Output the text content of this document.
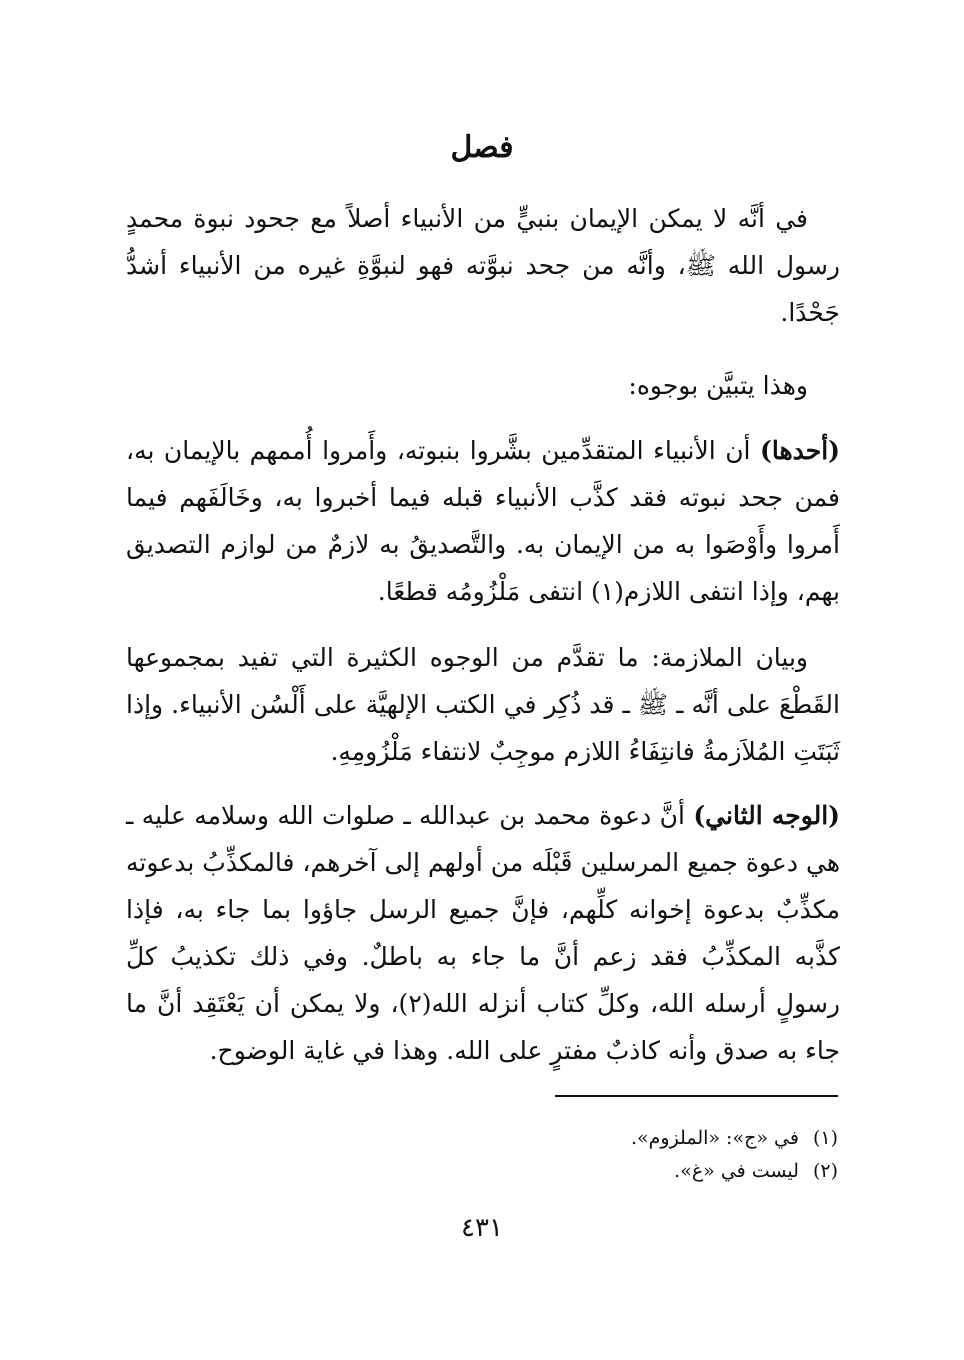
فصل
في أنَّه لا يمكن الإيمان بنبيٍّ من الأنبياء أصلاً مع جحود نبوة محمدٍ رسول الله ﷺ، وأنَّه من جحد نبوَّته فهو لنبوَّةِ غيره من الأنبياء أشدُّ جَحْدًا.
وهذا يتبيَّن بوجوه:
(أحدها) أن الأنبياء المتقدِّمين بشَّروا بنبوته، وأَمروا أُممهم بالإيمان به، فمن جحد نبوته فقد كذَّب الأنبياء قبله فيما أخبروا به، وخَالَفَهم فيما أَمروا وأَوْصَوا به من الإيمان به. والتَّصديقُ به لازمٌ من لوازم التصديق بهم، وإذا انتفى اللازم(١) انتفى مَلْزُومُه قطعًا.
وبيان الملازمة: ما تقدَّم من الوجوه الكثيرة التي تفيد بمجموعها القَطْعَ على أنَّه ـ ﷺ ـ قد ذُكِر في الكتب الإلهيَّة على أَلْسُن الأنبياء. وإذا ثَبَتَتِ المُلاَزمةُ فانتِفَاءُ اللازم موجِبٌ لانتفاء مَلْزُومِهِ.
(الوجه الثاني) أنَّ دعوة محمد بن عبدالله ـ صلوات الله وسلامه عليه ـ هي دعوة جميع المرسلين قَبْلَه من أولهم إلى آخرهم، فالمكذِّبُ بدعوته مكذِّبٌ بدعوة إخوانه كلِّهم، فإنَّ جميع الرسل جاؤوا بما جاء به، فإذا كذَّبه المكذِّبُ فقد زعم أنَّ ما جاء به باطلٌ. وفي ذلك تكذيبُ كلِّ رسولٍ أرسله الله، وكلِّ كتاب أنزله الله(٢)، ولا يمكن أن يَعْتَقِد أنَّ ما جاء به صدق وأنه كاذبٌ مفترٍ على الله. وهذا في غاية الوضوح.
(١)في «ج»: «الملزوم».
(٢)ليست في «غ».
٤٣١
